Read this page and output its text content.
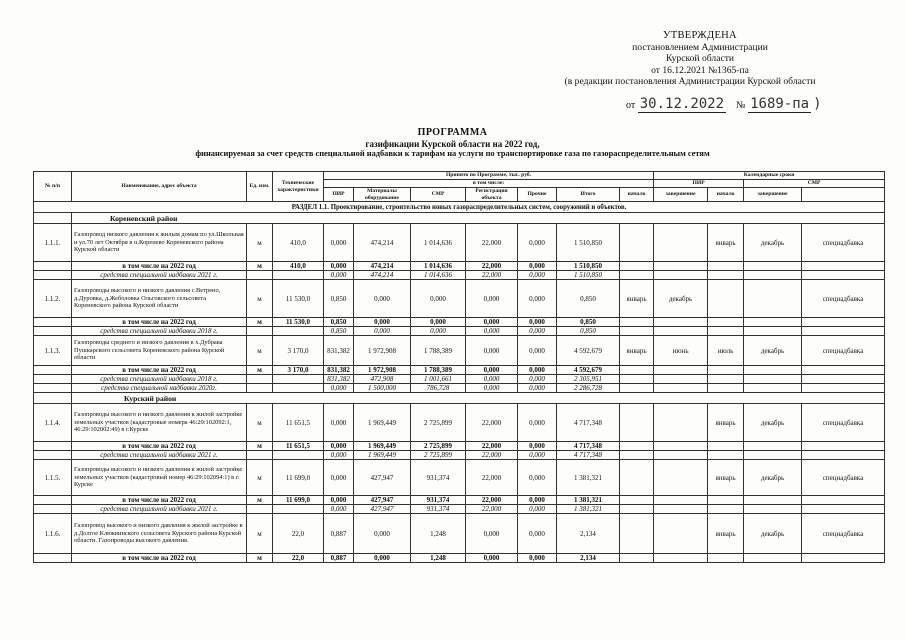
УТВЕРЖДЕНА
постановлением Администрации
Курской области
от 16.12.2021 №1365-па
(в редакции постановления Администрации Курской области
от 30.12.2022 № 1689-па )
ПРОГРАММА
газификации Курской области на 2022 год,
финансируемая за счет средств специальной надбавки к тарифам на услуги по транспортировке газа по газораспределительным сетям
№ п/п	Наименование, адрес объекта	Ед. изм.	Технические характеристики	Принято по Программе, тыс. руб.							Календарные сроки	
				в том числе:							ПИР		СМР		
				ПИР	Материалы оборудование	СМР	Регистрация объекта	Прочие	Итого	начало	завершение	начало	завершение		
РАЗДЕЛ 1.1. Проектирование, строительство новых газораспределительных систем, сооружений и объектов.															
	Кореневский район														
1.1.1.	Газопровод низкого давления к жилым домам по ул.Школьная и ул.70 лет Октября в п.Коренево Кореневского района Курской области	м	410,0	0,000	474,214	1 014,636	22,000	0,000	1 510,850			январь	декабрь	спецнадбавка	
	в том числе на 2022 год	м	410,0	0,000	474,214	1 014,636	22,000	0,000	1 510,850						
	средства специальной надбавки 2021 г.			0,000	474,214	1 014,636	22,000	0,000	1 510,850						
1.1.2.	Газопроводы высокого и низкого давления с.Ветрено, д.Дуровка, д.Жеболовка Ольговского сельсовета Кореневского района Курской области	м	11 530,0	0,850	0,000	0,000	0,000	0,000	0,850	январь	декабрь			спецнадбавка	
	в том числе на 2022 год	м	11 530,0	0,850	0,000	0,000	0,000	0,000	0,850						
	средства специальной надбавки 2018 г.			0,850	0,000	0,000	0,000	0,000	0,850						
1.1.3.	Газопроводы среднего и низкого давления в х.Дубрава Пушкарского сельсовета Кореневского района Курской области	м	3 170,0	831,382	1 972,908	1 788,389	0,000	0,000	4 592,679	январь	июнь	июль	декабрь	спецнадбавка	
	в том числе на 2022 год	м	3 170,0	831,382	1 972,908	1 788,389	0,000	0,000	4 592,679						
	средства специальной надбавки 2018 г.			831,382	472,908	1 001,661	0,000	0,000	2 305,951						
	средства специальной надбавки 2020г.			0,000	1 500,000	786,728	0,000	0,000	2 286,728						
	Курский район														
1.1.4.	Газопроводы высокого и низкого давления к жилой застройке земельных участков (кадастровые номера 46:29:102092:1, 46:29:102002:49) в г.Курске	м	11 651,5	0,000	1 969,449	2 725,899	22,000	0,000	4 717,348			январь	декабрь	спецнадбавка	
	в том числе на 2022 год	м	11 651,5	0,000	1 969,449	2 725,899	22,000	0,000	4 717,348						
	средства специальной надбавки 2021 г.			0,000	1 969,449	2 725,899	22,000	0,000	4 717,348						
1.1.5.	Газопроводы высокого и низкого давления к жилой застройке земельных участков (кадастровый номер 46:29:102094:1) в г. Курске	м	11 699,0	0,000	427,947	931,374	22,000	0,000	1 381,321			январь	декабрь	спецнадбавка	
	в том числе на 2022 год	м	11 699,0	0,000	427,947	931,374	22,000	0,000	1 381,321						
	средства специальной надбавки 2021 г.			0,000	427,947	931,374	22,000	0,000	1 381,321						
1.1.6.	Газопровод высокого и низкого давления к жилой застройке в д.Долгое Клюквинского сельсовета Курского района Курской области. Газопроводы высокого давления.	м	22,0	0,887	0,000	1,248	0,000	0,000	2,134			январь	декабрь	спецнадбавка	
	в том числе на 2022 год	м	22,0	0,887	0,000	1,248	0,000	0,000	2,134						
